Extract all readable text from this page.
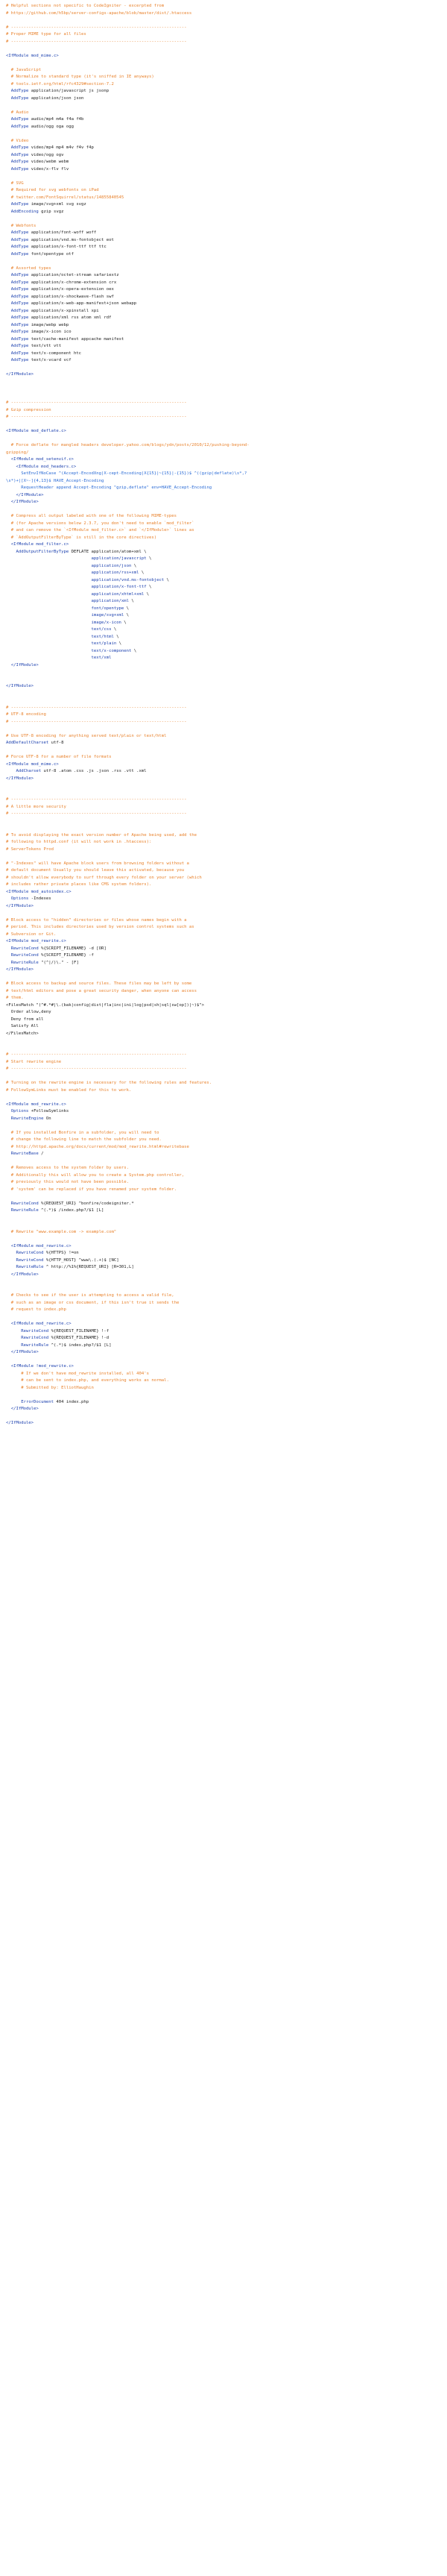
# Helpful sections not specific to CodeIgniter - excerpted from
# https://github.com/h5bp/server-configs-apache/blob/master/dist/.htaccess
# ----------------------------------------------------------------------
# Proper MIME type for all files
# ----------------------------------------------------------------------
<IfModule mod_mime.c>
# JavaScript
# Normalize to standard type (it's sniffed in IE anyways)
# tools.ietf.org/html/rfc4329#section-7.2
AddType application/javascript js jsonp
AddType application/json json
# Audio
AddType audio/mp4 m4a f4a f4b
AddType audio/ogg oga ogg
# Video
AddType video/mp4 mp4 m4v f4v f4p
AddType video/ogg ogv
AddType video/webm webm
AddType video/x-flv flv
# SVG
# Required for svg webfonts on iPad
# twitter.com/FontSquirrel/status/14855840545
AddType image/svg+xml svg svgz
AddEncoding gzip svgz
# Webfonts
AddType application/font-woff woff
AddType application/vnd.ms-fontobject eot
AddType application/x-font-ttf ttf ttc
AddType font/opentype otf
# Assorted types
AddType application/octet-stream safariextz
AddType application/x-chrome-extension crx
AddType application/x-opera-extension oex
AddType application/x-shockwave-flash swf
AddType application/x-web-app-manifest+json webapp
AddType application/x-xpinstall xpi
AddType application/xml rss atom xml rdf
AddType image/webp webp
AddType image/x-icon ico
AddType text/cache-manifest appcache manifest
AddType text/vtt vtt
AddType text/x-component htc
AddType text/x-vcard vcf
</IfModule>
# ----------------------------------------------------------------------
# Gzip compression
# ----------------------------------------------------------------------
<IfModule mod_deflate.c>
# Force deflate for mangled headers developer.yahoo.com/blogs/ydn/posts/2010/12/pushing-beyond-
gzipping/
<IfModule mod_setenvif.c>
<IfModule mod_headers.c>
SetEnvIfNoCase ^(Accept-EncodXng|X-cept-Encoding|X{15}|~{15}|-{15})$ ^((gzip|deflate)\s*,?
\s*)+|[X~-]{4,13}$ HAVE_Accept-Encoding
RequestHeader append Accept-Encoding "gzip,deflate" env=HAVE_Accept-Encoding
</IfModule>
</IfModule>
# Compress all output labeled with one of the following MIME-types
# (for Apache versions below 2.3.7, you don't need to enable `mod_filter`
# and can remove the `<IfModule mod_filter.c>` and `</IfModule>` lines as
# `AddOutputFilterByType` is still in the core directives)
<IfModule mod_filter.c>
AddOutputFilterByType DEFLATE application/atom+xml \
application/javascript \
application/json \
application/rss+xml \
application/vnd.ms-fontobject \
application/x-font-ttf \
application/xhtml+xml \
application/xml \
font/opentype \
image/svg+xml \
image/x-icon \
text/css \
text/html \
text/plain \
text/x-component \
text/xml
</IfModule>
</IfModule>
# ----------------------------------------------------------------------
# UTF-8 encoding
# ----------------------------------------------------------------------
# Use UTF-8 encoding for anything served text/plain or text/html
AddDefaultCharset utf-8
# Force UTF-8 for a number of file formats
<IfModule mod_mime.c>
AddCharset utf-8 .atom .css .js .json .rss .vtt .xml
</IfModule>
# ----------------------------------------------------------------------
# A little more security
# ----------------------------------------------------------------------
# To avoid displaying the exact version number of Apache being used, add the
# following to httpd.conf (it will not work in .htaccess):
# ServerTokens Prod
# "-Indexes" will have Apache block users from browsing folders without a
# default document Usually you should leave this activated, because you
# shouldn't allow everybody to surf through every folder on your server (which
# includes rather private places like CMS system folders).
<IfModule mod_autoindex.c>
Options -Indexes
</IfModule>
# Block access to "hidden" directories or files whose names begin with a
# period. This includes directories used by version control systems such as
# Subversion or Git.
<IfModule mod_rewrite.c>
RewriteCond %{SCRIPT_FILENAME} -d [OR]
RewriteCond %{SCRIPT_FILENAME} -f
RewriteRule "(^|/)\." - [F]
</IfModule>
# Block access to backup and source files. These files may be left by some
# text/html editors and pose a great security danger, when anyone can access
# them.
<FilesMatch "(^#.*#|\.(bak|config|dist|fla|inc|ini|log|psd|sh|sql|sw[op])|~)$">
Order allow,deny
Deny from all
Satisfy All
</FilesMatch>
# ----------------------------------------------------------------------
# Start rewrite engine
# ----------------------------------------------------------------------
# Turning on the rewrite engine is necessary for the following rules and features.
# FollowSymLinks must be enabled for this to work.
<IfModule mod_rewrite.c>
Options +FollowSymlinks
RewriteEngine On
# If you installed Bonfire in a subfolder, you will need to
# change the following line to match the subfolder you need.
# http://httpd.apache.org/docs/current/mod/mod_rewrite.html#rewritebase
RewriteBase /
# Removes access to the system folder by users.
# Additionally this will allow you to create a System.php controller,
# previously this would not have been possible.
# 'system' can be replaced if you have renamed your system folder.
RewriteCond %{REQUEST_URI} ^bonfire/codeigniter.*
RewriteRule ^(.*)$ /index.php?/$1 [L]
# Rewrite "www.example.com -> example.com"
<IfModule mod_rewrite.c>
RewriteCond %{HTTPS} !=on
RewriteCond %{HTTP_HOST} ^www\.(.+)$ [NC]
RewriteRule ^ http://%1%{REQUEST_URI} [R=301,L]
</IfModule>
# Checks to see if the user is attempting to access a valid file,
# such as an image or css document, if this isn't true it sends the
# request to index.php
<IfModule mod_rewrite.c>
RewriteCond %{REQUEST_FILENAME} !-f
RewriteCond %{REQUEST_FILENAME} !-d
RewriteRule ^(.*)$ index.php?/$1 [L]
</IfModule>
<IfModule !mod_rewrite.c>
# If we don't have mod_rewrite installed, all 404's
# can be sent to index.php, and everything works as normal.
# Submitted by: ElliotHaughin
ErrorDocument 404 index.php
</IfModule>
</IfModule>
